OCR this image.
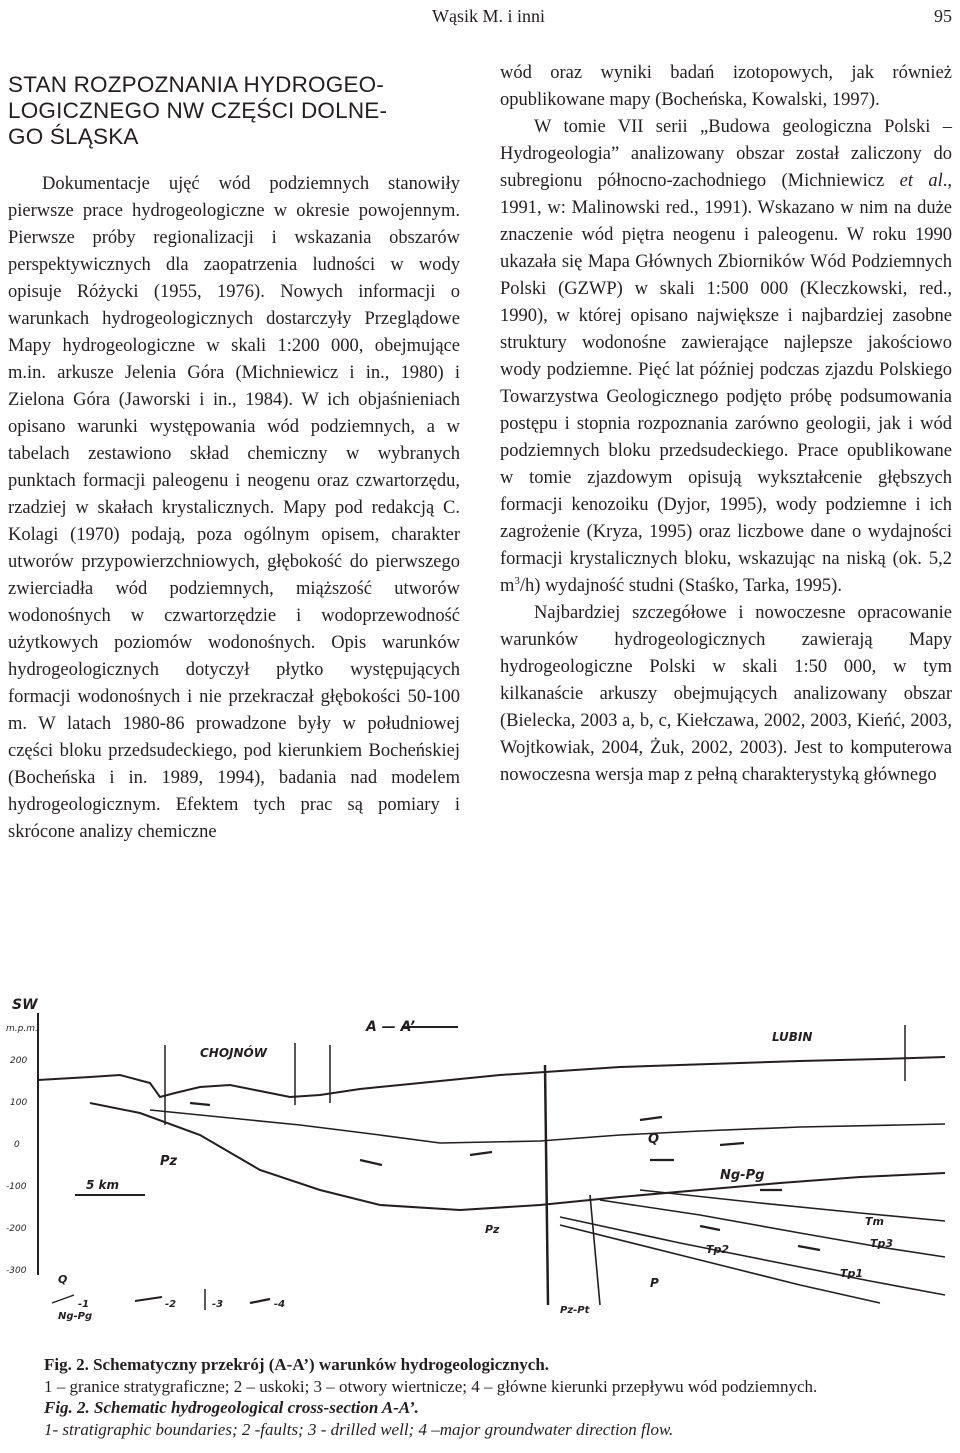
Wąsik M. i inni	95
STAN ROZPOZNANIA HYDROGEO-
LOGICZNEGO NW CZĘŚCI DOLNE-
GO ŚLĄSKA

Dokumentacje ujęć wód podziemnych stanowiły pierwsze prace hydrogeologiczne w okresie powojennym. Pierwsze próby regionalizacji i wskazania obszarów perspektywicznych dla zaopatrzenia ludności w wody opisuje Różycki (1955, 1976). Nowych informacji o warunkach hydrogeologicznych dostarczyły Przeglądowe Mapy hydrogeologiczne w skali 1:200 000, obejmujące m.in. arkusze Jelenia Góra (Michniewicz i in., 1980) i Zielona Góra (Jaworski i in., 1984). W ich objaśnieniach opisano warunki występowania wód podziemnych, a w tabelach zestawiono skład chemiczny w wybranych punktach formacji paleogenu i neogenu oraz czwartorzędu, rzadziej w skałach krystalicznych. Mapy pod redakcją C. Kolagi (1970) podają, poza ogólnym opisem, charakter utworów przypowierzchniowych, głębokość do pierwszego zwierciadła wód podziemnych, miąższość utworów wodonośnych w czwartorzędzie i wodoprzewodność użytkowych poziomów wodonośnych. Opis warunków hydrogeologicznych dotyczył płytko występujących formacji wodonośnych i nie przekraczał głębokości 50-100 m. W latach 1980-86 prowadzone były w południowej części bloku przedsudeckiego, pod kierunkiem Bocheńskiej (Bocheńska i in. 1989, 1994), badania nad modelem hydrogeologicznym. Efektem tych prac są pomiary i skrócone analizy chemiczne

wód oraz wyniki badań izotopowych, jak również opublikowane mapy (Bocheńska, Kowalski, 1997).

W tomie VII serii „Budowa geologiczna Polski – Hydrogeologia” analizowany obszar został zaliczony do subregionu północno-zachodniego (Michniewicz et al., 1991, w: Malinowski red., 1991). Wskazano w nim na duże znaczenie wód piętra neogenu i paleogenu. W roku 1990 ukazała się Mapa Głównych Zbiorników Wód Podziemnych Polski (GZWP) w skali 1:500 000 (Kleczkowski, red., 1990), w której opisano największe i najbardziej zasobne struktury wodonośne zawierające najlepsze jakościowo wody podziemne. Pięć lat później podczas zjazdu Polskiego Towarzystwa Geologicznego podjęto próbę podsumowania postępu i stopnia rozpoznania zarówno geologii, jak i wód podziemnych bloku przedsudeckiego. Prace opublikowane w tomie zjazdowym opisują wykształcenie głębszych formacji kenozoiku (Dyjor, 1995), wody podziemne i ich zagrożenie (Kryza, 1995) oraz liczbowe dane o wydajności formacji krystalicznych bloku, wskazując na niską (ok. 5,2 $m^3/h$) wydajność studni (Staśko, Tarka, 1995).

Najbardziej szczegółowe i nowoczesne opracowanie warunków hydrogeologicznych zawierają Mapy hydrogeologiczne Polski w skali 1:50 000, w tym kilkanaście arkuszy obejmujących analizowany obszar (Bielecka, 2003 a, b, c, Kiełczawa, 2002, 2003, Kieńć, 2003, Wojtkowiak, 2004, Żuk, 2002, 2003). Jest to komputerowa nowoczesna wersja map z pełną charakterystyką głównego

SW
A — A’
m.p.m.
200
100
0
-100
-200
-300
CHOJNÓW
LUBIN
5 km
Q
Ng-Pg
Pz
Pz
Tm
Tp3
Tp2
Tp1
P
Pz-Pt
Q
Ng-Pg
-1	-2	-3	-4
Fig. 2. Schematyczny przekrój (A-A’) warunków hydrogeologicznych.
1 – granice stratygraficzne; 2 – uskoki; 3 – otwory wiertnicze; 4 – główne kierunki przepływu wód podziemnych.
Fig. 2. Schematic hydrogeological cross-section A-A’.
1- stratigraphic boundaries; 2 -faults; 3 - drilled well; 4 –major groundwater direction flow.
